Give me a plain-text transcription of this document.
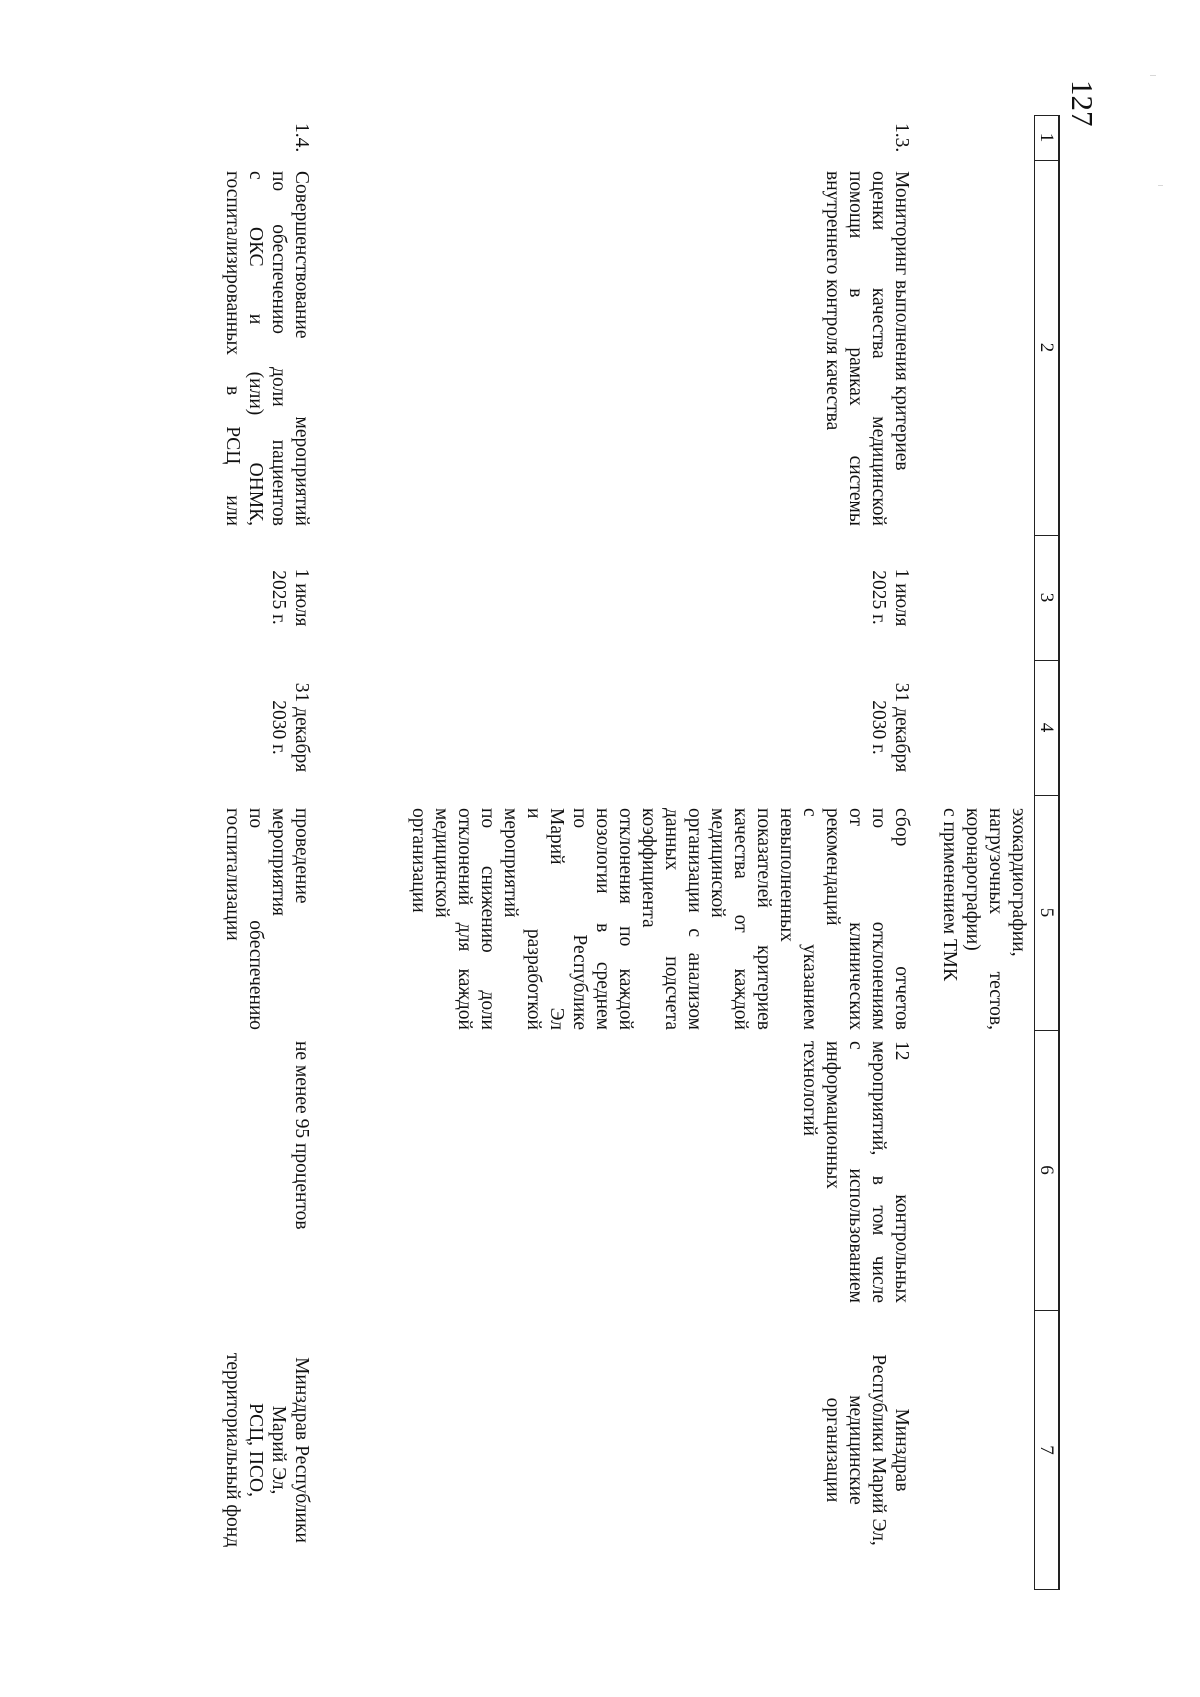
127
1
2
3
4
5
6
7
эхокардиографии,
нагрузочных тестов,
коронарографии)
с применением ТМК
1.3.
Мониторинг выполнения критериев
оценки качества медицинской
помощи в рамках системы
внутреннего контроля качества
1 июля
2025 г.
31 декабря
2030 г.
сбор отчетов
по отклонениям
от клинических
рекомендаций
с указанием
невыполненных
показателей критериев
качества от каждой
медицинской
организации с анализом
данных подсчета
коэффициента
отклонения по каждой
нозологии в среднем
по Республике
Марий Эл
и разработкой
мероприятий
по снижению доли
отклонений для каждой
медицинской
организации
12 контрольных
мероприятий, в том числе
с использованием
информационных
технологий
Минздрав
Республики Марий Эл,
медицинские
организации
1.4.
Совершенствование мероприятий
по обеспечению доли пациентов
с ОКС и (или) ОНМК,
госпитализированных в РСЦ или
1 июля
2025 г.
31 декабря
2030 г.
проведение
мероприятия
по обеспечению
госпитализации
не менее 95 процентов
Минздрав Республики
Марий Эл,
РСЦ, ПСО,
территориальный фонд
